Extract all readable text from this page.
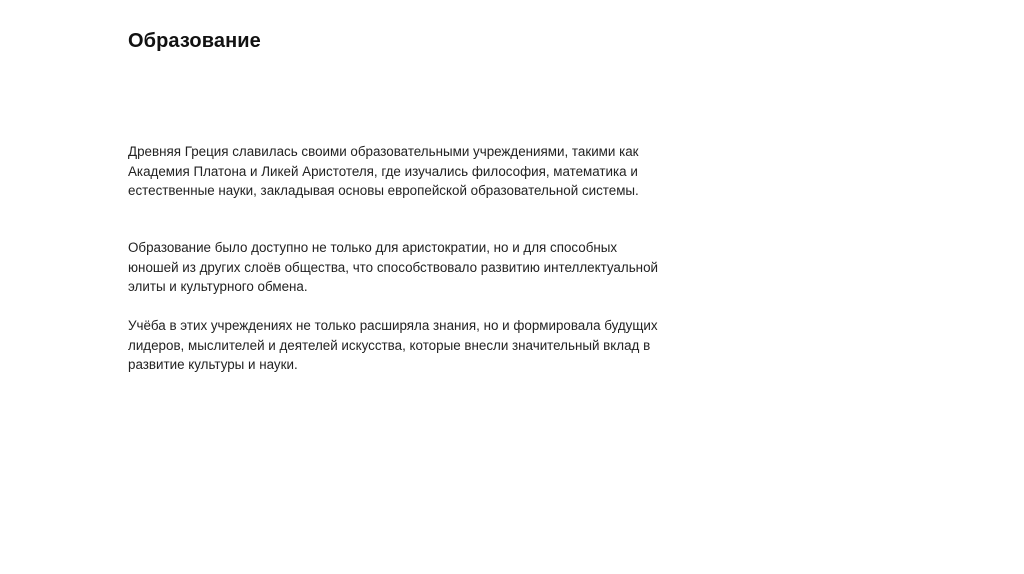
Образование

Древняя Греция славилась своими образовательными учреждениями, такими как
Академия Платона и Ликей Аристотеля, где изучались философия, математика и
естественные науки, закладывая основы европейской образовательной системы.

Образование было доступно не только для аристократии, но и для способных
юношей из других слоёв общества, что способствовало развитию интеллектуальной
элиты и культурного обмена.

Учёба в этих учреждениях не только расширяла знания, но и формировала будущих
лидеров, мыслителей и деятелей искусства, которые внесли значительный вклад в
развитие культуры и науки.
